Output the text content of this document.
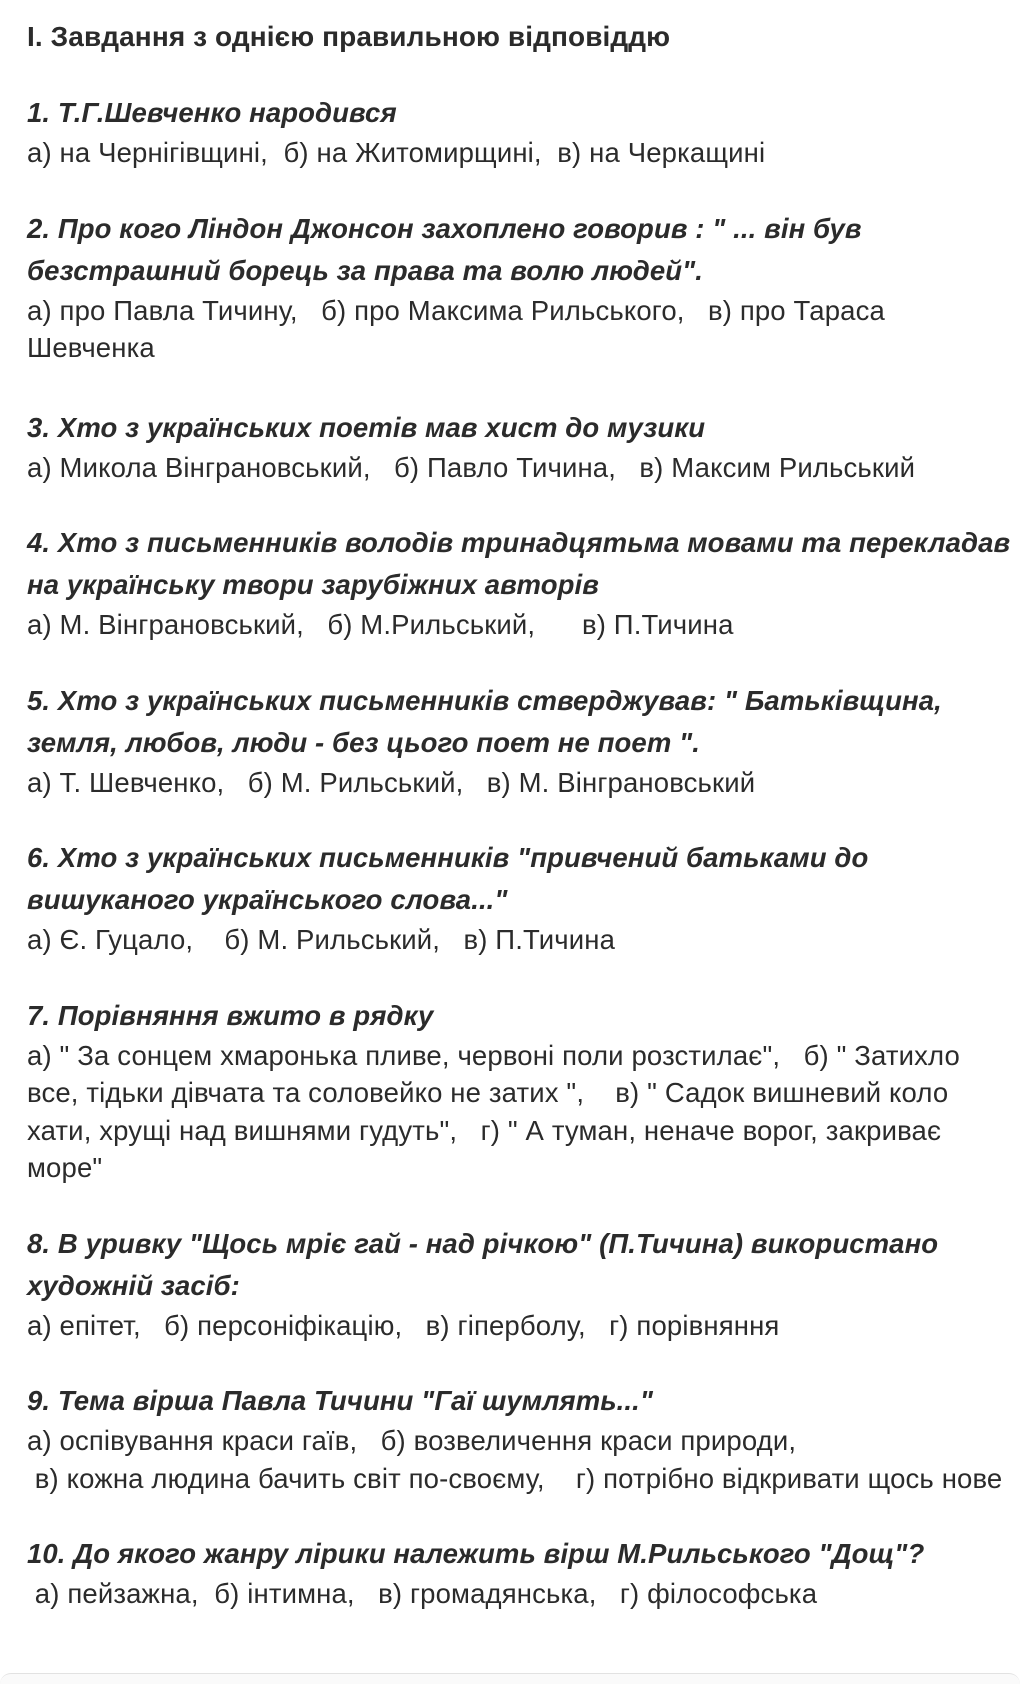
I. Завдання з однією правильною відповіддю
1. Т.Г.Шевченко народився
а) на Чернігівщині,  б) на Житомирщині,  в) на Черкащині
2. Про кого Ліндон Джонсон захоплено говорив : " ... він був безстрашний борець за права та волю людей".
а) про Павла Тичину,   б) про Максима Рильського,   в) про Тараса Шевченка
3. Хто з українських поетів мав хист до музики
а) Микола Вінграновський,   б) Павло Тичина,   в) Максим Рильський
4. Хто з письменників володів тринадцятьма мовами та перекладав на українську твори зарубіжних авторів
а) М. Вінграновський,   б) М.Рильський,      в) П.Тичина
5. Хто з українських письменників стверджував: " Батьківщина, земля, любов, люди - без цього поет не поет ".
а) Т. Шевченко,   б) М. Рильський,   в) М. Вінграновський
6. Хто з українських письменників "привчений батьками до вишуканого українського слова..."
а) Є. Гуцало,    б) М. Рильський,   в) П.Тичина
7. Порівняння вжито в рядку
а) " За сонцем хмаронька пливе, червоні поли розстилає",   б) " Затихло все, тідьки дівчата та соловейко не затих ",    в) " Садок вишневий коло хати, хрущі над вишнями гудуть",   г) " А туман, неначе ворог, закриває море"
8. В уривку "Щось мріє гай - над річкою" (П.Тичина) використано художній засіб:
а) епітет,   б) персоніфікацію,   в) гіперболу,   г) порівняння
9. Тема вірша Павла Тичини "Гаї шумлять..."
а) оспівування краси гаїв,   б) возвеличення краси природи,
в) кожна людина бачить світ по-своєму,    г) потрібно відкривати щось нове
10. До якого жанру лірики належить вірш М.Рильського "Дощ"?
а) пейзажна,  б) інтимна,   в) громадянська,   г) філософська
